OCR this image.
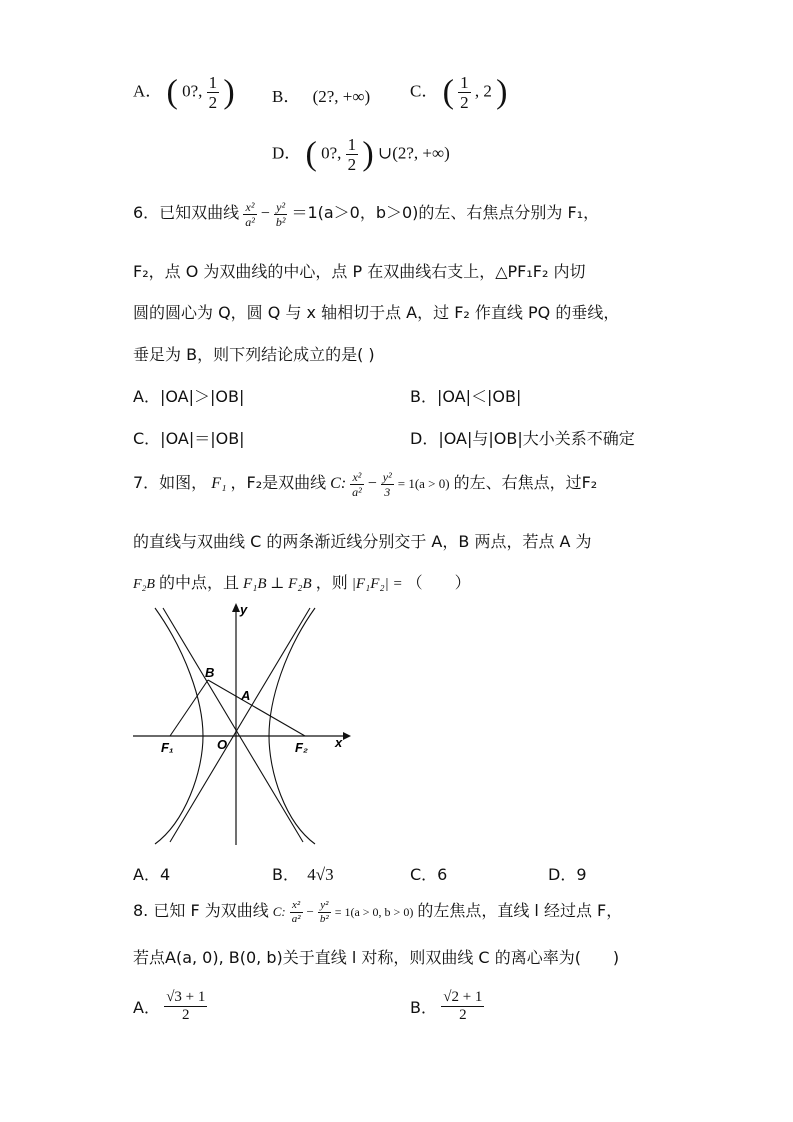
A． ( 0?, $\frac{1}{2}$ ) B． (2?, +∞) C． ( $\frac{1}{2}$ , 2 )
D． ( 0?, $\frac{1}{2}$ ) ∪(2?, +∞)
6．已知双曲线 $\frac{\text{x²}}{\text{a²}} - \frac{\text{y²}}{\text{b²}} =1(a>0$，b＞0)的左、右焦点分别为 F₁，
F₂，点 O 为双曲线的中心，点 P 在双曲线右支上，△PF₁F₂ 内切
圆的圆心为 Q，圆 Q 与 x 轴相切于点 A，过 F₂ 作直线 PQ 的垂线，
垂足为 B，则下列结论成立的是( )
A．|OA|＞|OB|	B．|OA|＜|OB|
C．|OA|＝|OB|	D．|OA|与|OB|大小关系不确定
7．如图， F₁ ，F₂是双曲线 C: $\frac{\text{x²}}{\text{a²}} - \frac{\text{y²}}{3} = 1(a > 0)$ 的左、右焦点，过F₂
的直线与双曲线 C 的两条渐近线分别交于 A，B 两点，若点 A 为
F₂B 的中点，且 F₁B ⊥ F₂B ，则 |F₁F₂| = （　　）
y
x
B
A
O
F₁	F₂
A．4	B． 4√3	C．6	D．9
8. 已知 F 为双曲线 C: $\frac{\text{x²}}{\text{a²}} - \frac{\text{y²}}{\text{b²}} = 1(a > 0$, b > 0) 的左焦点，直线 l 经过点 F，
若点A(a, 0), B(0, b)关于直线 l 对称，则双曲线 C 的离心率为(　　)
A． $\frac{√3 + 1}{2}$	B． $\frac{√2 + 1}{2}$
